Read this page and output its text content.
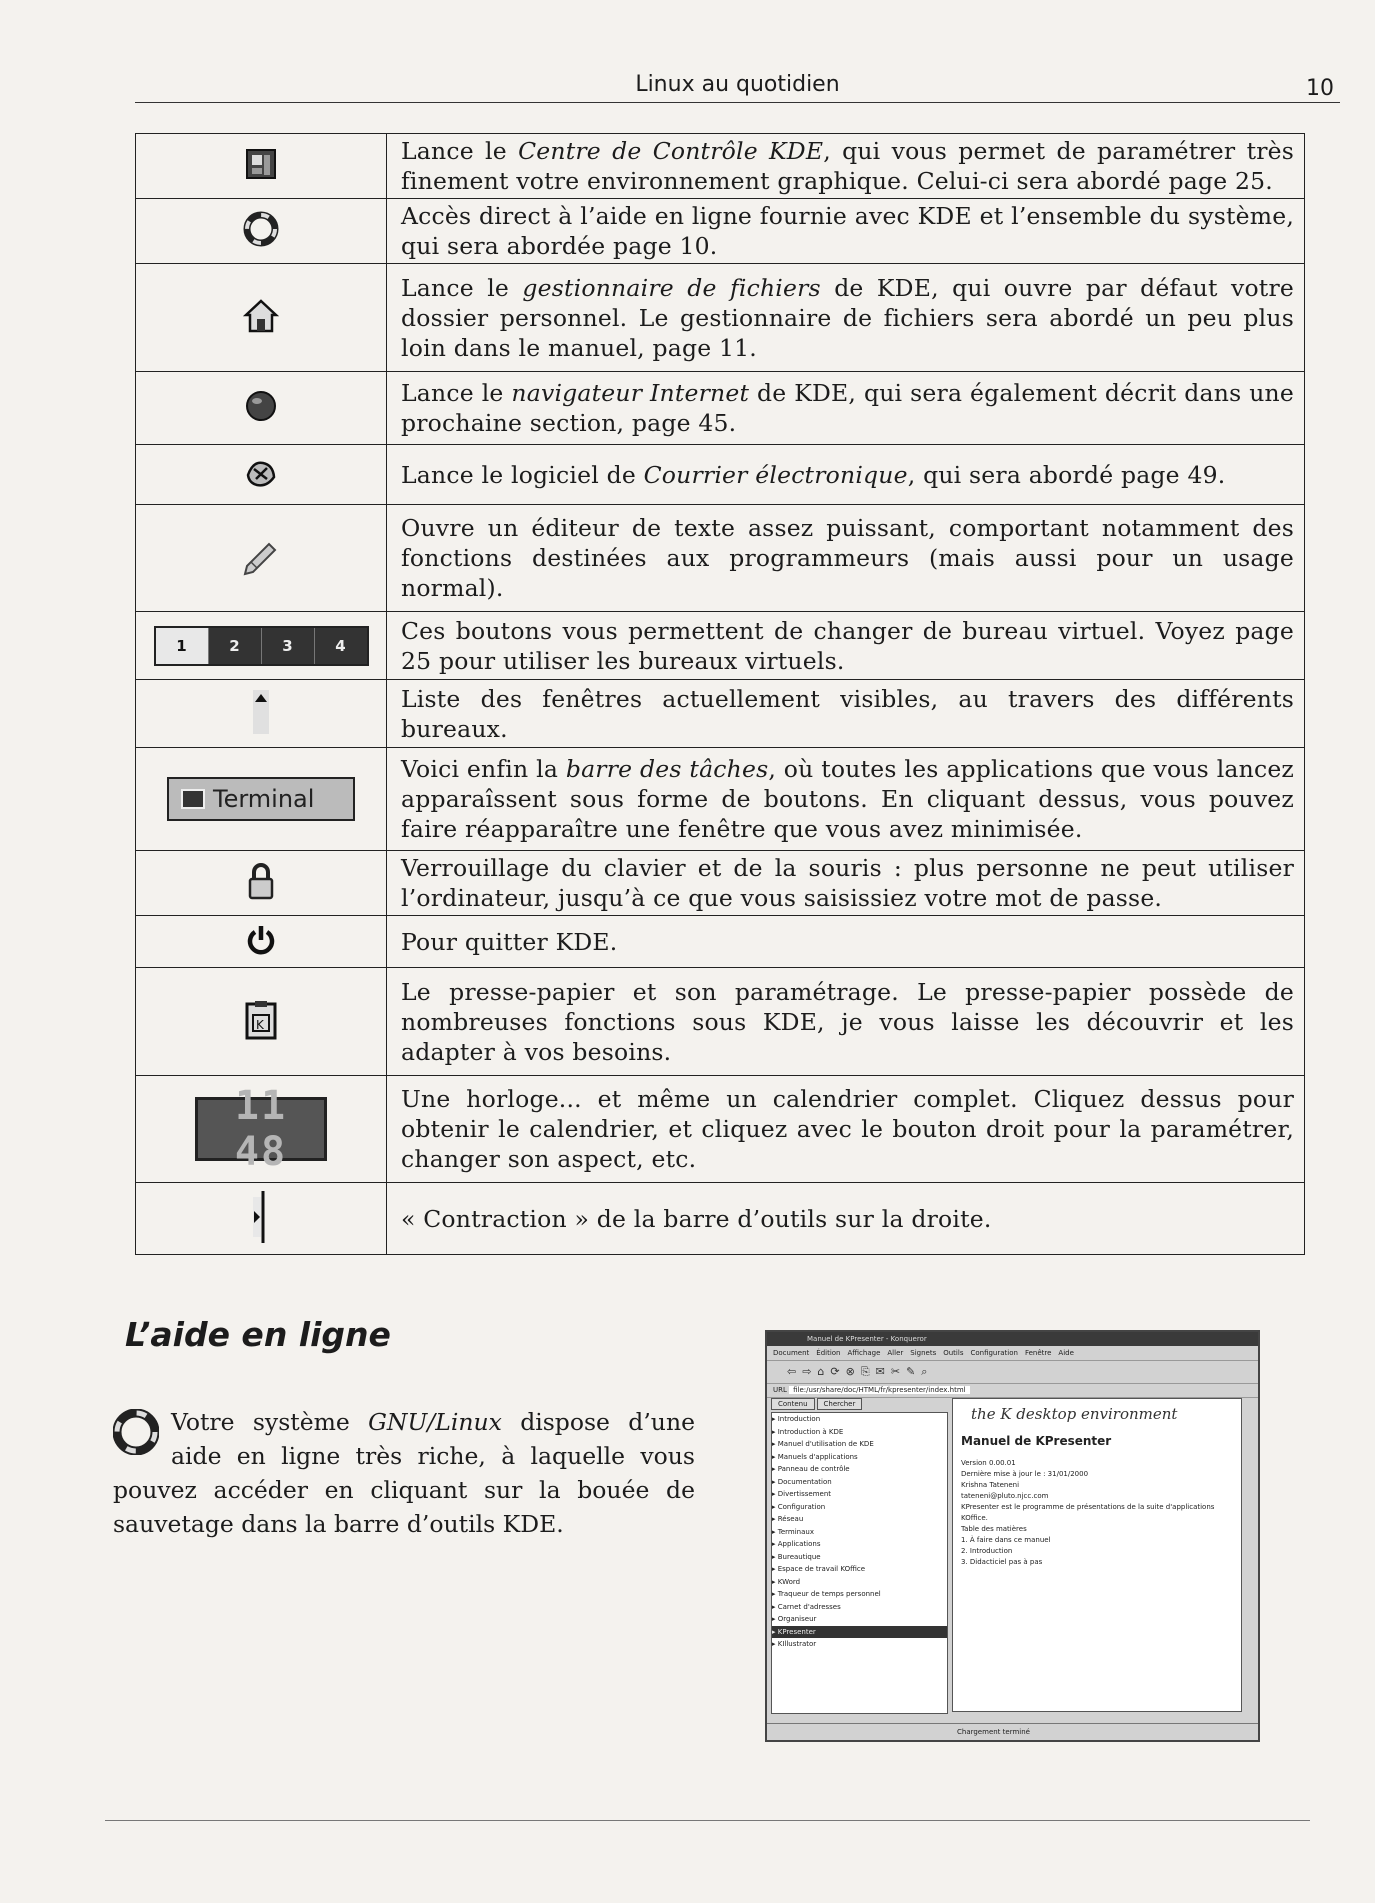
Linux au quotidien	10
	Lance le Centre de Contrôle KDE, qui vous permet de paramétrer très finement votre environnement graphique. Celui-ci sera abordé page 25.
	Accès direct à l’aide en ligne fournie avec KDE et l’ensemble du système, qui sera abordée page 10.
	Lance le gestionnaire de fichiers de KDE, qui ouvre par défaut votre dossier personnel. Le gestionnaire de fichiers sera abordé un peu plus loin dans le manuel, page 11.
	Lance le navigateur Internet de KDE, qui sera également décrit dans une prochaine section, page 45.
	Lance le logiciel de Courrier électronique, qui sera abordé page 49.
	Ouvre un éditeur de texte assez puissant, comportant notamment des fonctions destinées aux programmeurs (mais aussi pour un usage normal).

1 2 3 4	Ces boutons vous permettent de changer de bureau virtuel. Voyez page 25 pour utiliser les bureaux virtuels.
	Liste des fenêtres actuellement visibles, au travers des différents bureaux.

Terminal	Voici enfin la barre des tâches, où toutes les applications que vous lancez apparaîssent sous forme de boutons. En cliquant dessus, vous pouvez faire réapparaître une fenêtre que vous avez minimisée.
	Verrouillage du clavier et de la souris : plus personne ne peut utiliser l’ordinateur, jusqu’à ce que vous saisissiez votre mot de passe.
	Pour quitter KDE.

K	Le presse-papier et son paramétrage. Le presse-papier possède de nombreuses fonctions sous KDE, je vous laisse les découvrir et les adapter à vos besoins.
11 48	Une horloge... et même un calendrier complet. Cliquez dessus pour obtenir le calendrier, et cliquez avec le bouton droit pour la paramétrer, changer son aspect, etc.
	« Contraction » de la barre d’outils sur la droite.
L’aide en ligne
Votre système GNU/Linux dispose d’une aide en ligne très riche, à laquelle vous pouvez accéder en cliquant sur la bouée de sauvetage dans la barre d’outils KDE.
Manuel de KPresenter - Konqueror
Document Édition Affichage Aller Signets Outils Configuration Fenêtre Aide
⇦⇨⌂⟳⊗⎘✉✂✎⌕
URL file:/usr/share/doc/HTML/fr/kpresenter/index.html
Contenu Chercher
▸ Introduction
▸ Introduction à KDE
▸ Manuel d'utilisation de KDE
▸ Manuels d'applications
▸ Panneau de contrôle
▸ Documentation
▸ Divertissement
▸ Configuration
▸ Réseau
▸ Terminaux
▸ Applications
▸ Bureautique
▸ Espace de travail KOffice
▸ KWord
▸ Traqueur de temps personnel
▸ Carnet d'adresses
▸ Organiseur
▸ KPresenter
▸ KIllustrator
the K desktop environment
Manuel de KPresenter
Version 0.00.01
Dernière mise à jour le : 31/01/2000
Krishna Tateneni
tateneni@pluto.njcc.com
KPresenter est le programme de présentations de la suite d'applications KOffice.
Table des matières
1. À faire dans ce manuel
2. Introduction
3. Didacticiel pas à pas
Chargement terminé
